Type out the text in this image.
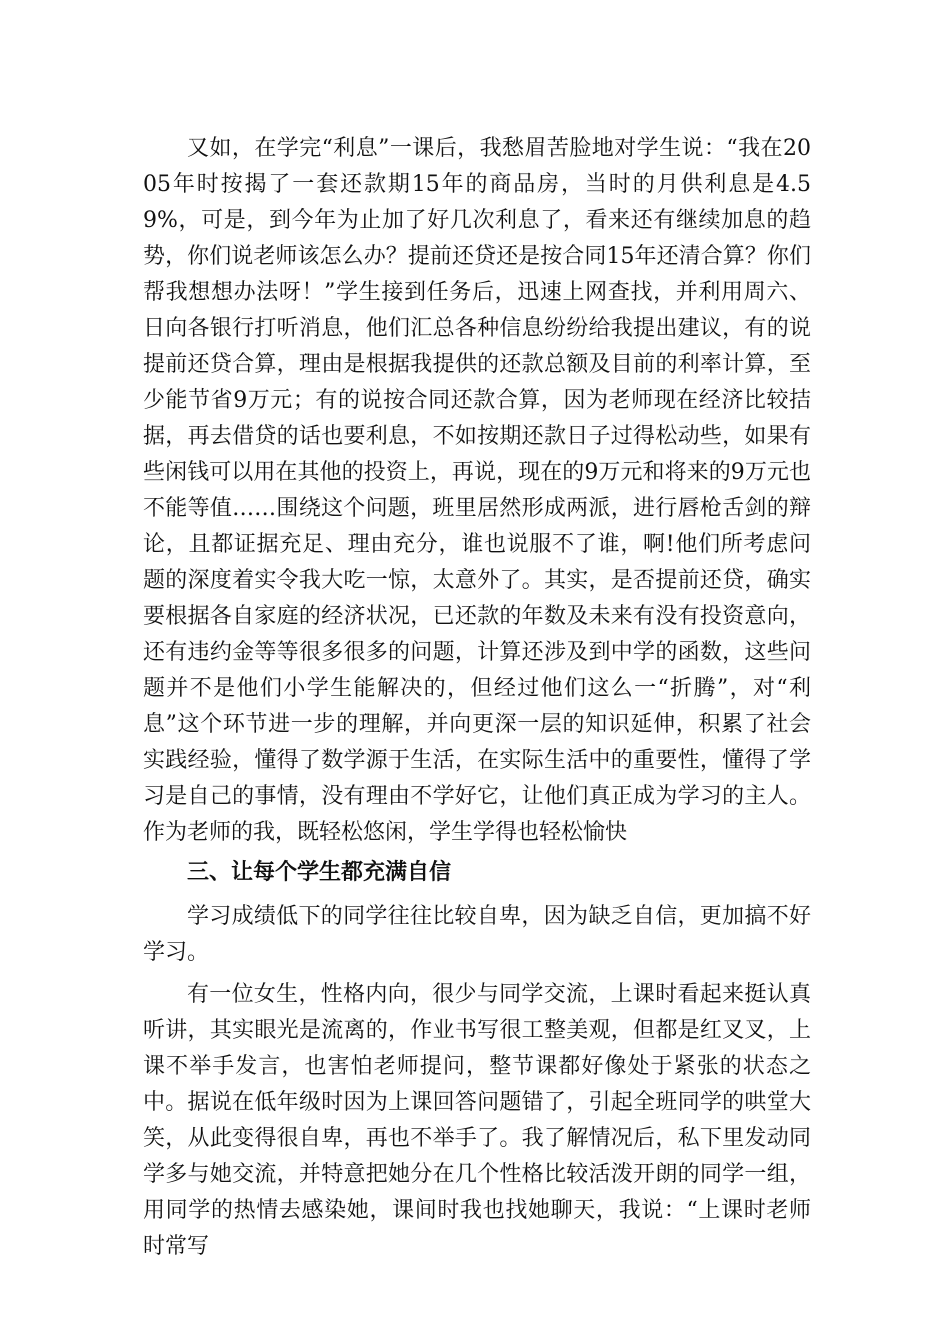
又如，在学完“利息”一课后，我愁眉苦脸地对学生说：“我在2005年时按揭了一套还款期15年的商品房，当时的月供利息是4.59%，可是，到今年为止加了好几次利息了，看来还有继续加息的趋势，你们说老师该怎么办？提前还贷还是按合同15年还清合算？你们帮我想想办法呀！”学生接到任务后，迅速上网查找，并利用周六、日向各银行打听消息，他们汇总各种信息纷纷给我提出建议，有的说提前还贷合算，理由是根据我提供的还款总额及目前的利率计算，至少能节省9万元；有的说按合同还款合算，因为老师现在经济比较拮据，再去借贷的话也要利息，不如按期还款日子过得松动些，如果有些闲钱可以用在其他的投资上，再说，现在的9万元和将来的9万元也不能等值……围绕这个问题，班里居然形成两派，进行唇枪舌剑的辩论，且都证据充足、理由充分，谁也说服不了谁，啊!他们所考虑问题的深度着实令我大吃一惊，太意外了。其实，是否提前还贷，确实要根据各自家庭的经济状况，已还款的年数及未来有没有投资意向，还有违约金等等很多很多的问题，计算还涉及到中学的函数，这些问题并不是他们小学生能解决的，但经过他们这么一“折腾”，对“利息”这个环节进一步的理解，并向更深一层的知识延伸，积累了社会实践经验，懂得了数学源于生活，在实际生活中的重要性，懂得了学习是自己的事情，没有理由不学好它，让他们真正成为学习的主人。作为老师的我，既轻松悠闲，学生学得也轻松愉快

三、让每个学生都充满自信

学习成绩低下的同学往往比较自卑，因为缺乏自信，更加搞不好学习。

有一位女生，性格内向，很少与同学交流，上课时看起来挺认真听讲，其实眼光是流离的，作业书写很工整美观，但都是红叉叉，上课不举手发言，也害怕老师提问，整节课都好像处于紧张的状态之中。据说在低年级时因为上课回答问题错了，引起全班同学的哄堂大笑，从此变得很自卑，再也不举手了。我了解情况后，私下里发动同学多与她交流，并特意把她分在几个性格比较活泼开朗的同学一组，用同学的热情去感染她，课间时我也找她聊天，我说：“上课时老师时常写
